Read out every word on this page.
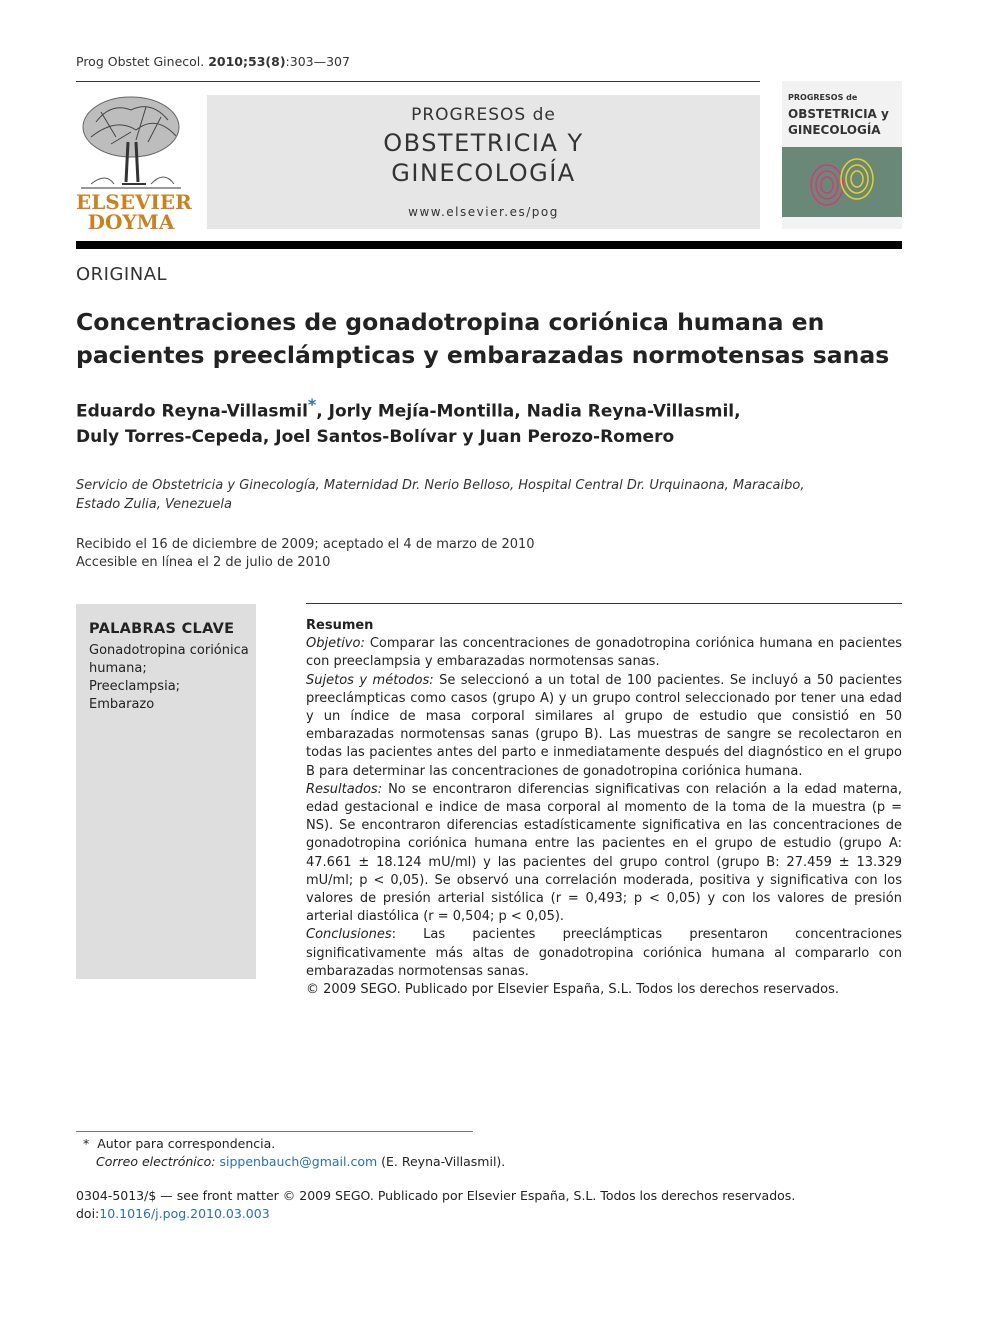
Prog Obstet Ginecol. 2010;53(8):303—307
ELSEVIER
DOYMA
PROGRESOS de
OBSTETRICIA Y
GINECOLOGÍA
www.elsevier.es/pog
PROGRESOS de
OBSTETRICIA y
GINECOLOGÍA
ORIGINAL
Concentraciones de gonadotropina coriónica humana en pacientes preeclámpticas y embarazadas normotensas sanas
Eduardo Reyna-Villasmil*, Jorly Mejía-Montilla, Nadia Reyna-Villasmil,
Duly Torres-Cepeda, Joel Santos-Bolívar y Juan Perozo-Romero
Servicio de Obstetricia y Ginecología, Maternidad Dr. Nerio Belloso, Hospital Central Dr. Urquinaona, Maracaibo, Estado Zulia, Venezuela
Recibido el 16 de diciembre de 2009; aceptado el 4 de marzo de 2010
Accesible en línea el 2 de julio de 2010
PALABRAS CLAVE
Gonadotropina coriónica humana;
Preeclampsia;
Embarazo

Resumen

Objetivo: Comparar las concentraciones de gonadotropina coriónica humana en pacientes con preeclampsia y embarazadas normotensas sanas.

Sujetos y métodos: Se seleccionó a un total de 100 pacientes. Se incluyó a 50 pacientes preeclámpticas como casos (grupo A) y un grupo control seleccionado por tener una edad y un índice de masa corporal similares al grupo de estudio que consistió en 50 embarazadas normotensas sanas (grupo B). Las muestras de sangre se recolectaron en todas las pacientes antes del parto e inmediatamente después del diagnóstico en el grupo B para determinar las concentraciones de gonadotropina coriónica humana.

Resultados: No se encontraron diferencias significativas con relación a la edad materna, edad gestacional e indice de masa corporal al momento de la toma de la muestra (p = NS). Se encontraron diferencias estadísticamente significativa en las concentraciones de gonadotropina coriónica humana entre las pacientes en el grupo de estudio (grupo A: 47.661 ± 18.124 mU/ml) y las pacientes del grupo control (grupo B: 27.459 ± 13.329 mU/ml; p < 0,05). Se observó una correlación moderada, positiva y significativa con los valores de presión arterial sistólica (r = 0,493; p < 0,05) y con los valores de presión arterial diastólica (r = 0,504; p < 0,05).

Conclusiones: Las pacientes preeclámpticas presentaron concentraciones significativamente más altas de gonadotropina coriónica humana al compararlo con embarazadas normotensas sanas.

© 2009 SEGO. Publicado por Elsevier España, S.L. Todos los derechos reservados.

* Autor para correspondencia.
Correo electrónico: sippenbauch@gmail.com (E. Reyna-Villasmil).
0304-5013/$ — see front matter © 2009 SEGO. Publicado por Elsevier España, S.L. Todos los derechos reservados.
doi:10.1016/j.pog.2010.03.003
